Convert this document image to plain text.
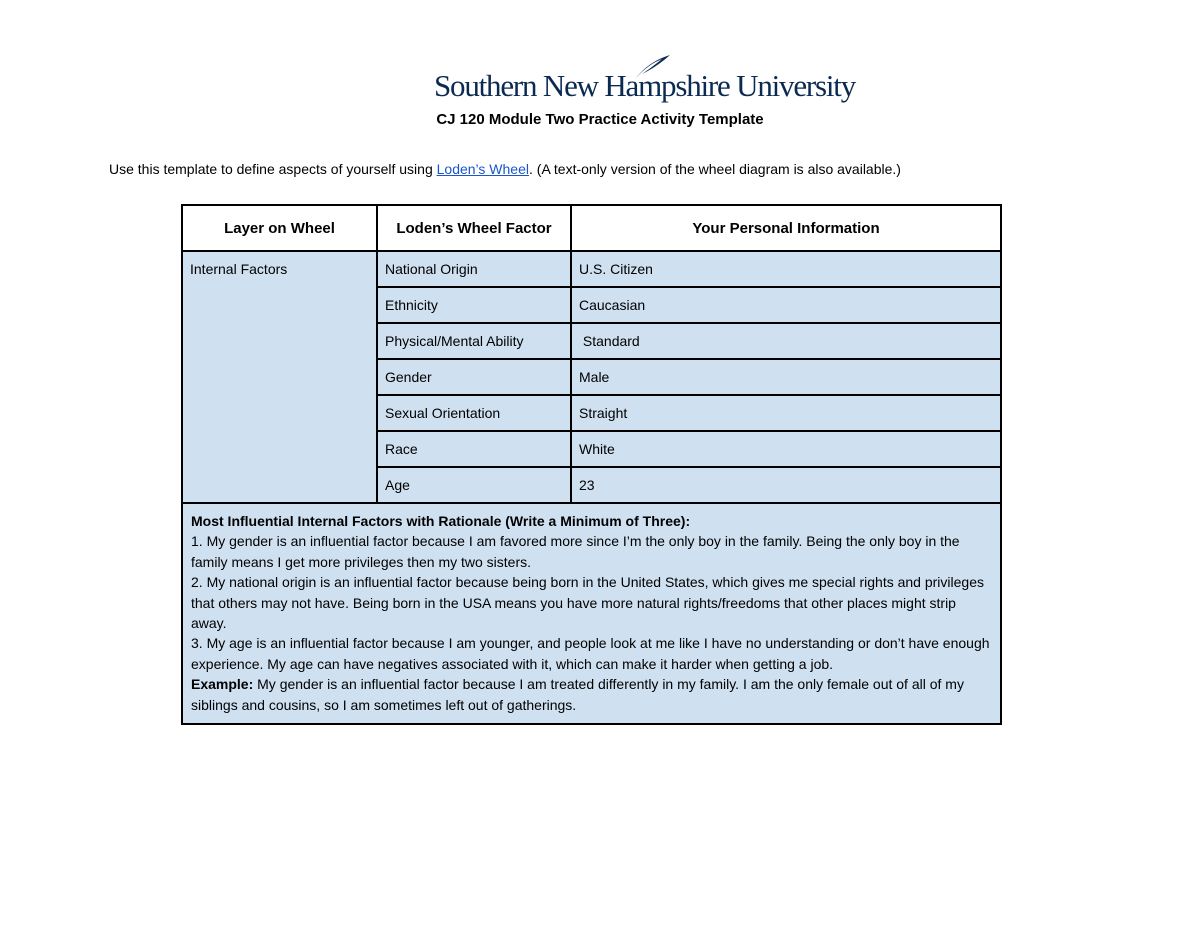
Southern New Hampshire University
CJ 120 Module Two Practice Activity Template
Use this template to define aspects of yourself using Loden’s Wheel. (A text-only version of the wheel diagram is also available.)
Layer on Wheel	Loden’s Wheel Factor	Your Personal Information
Internal Factors	National Origin	U.S. Citizen
	Ethnicity	Caucasian
	Physical/Mental Ability	Standard
	Gender	Male
	Sexual Orientation	Straight
	Race	White
	Age	23

Most Influential Internal Factors with Rationale (Write a Minimum of Three):
1. My gender is an influential factor because I am favored more since I’m the only boy in the family. Being the only boy in the family means I get more privileges then my two sisters.
2. My national origin is an influential factor because being born in the United States, which gives me special rights and privileges that others may not have. Being born in the USA means you have more natural rights/freedoms that other places might strip away.
3. My age is an influential factor because I am younger, and people look at me like I have no understanding or don’t have enough experience. My age can have negatives associated with it, which can make it harder when getting a job.
Example: My gender is an influential factor because I am treated differently in my family. I am the only female out of all of my siblings and cousins, so I am sometimes left out of gatherings.		
